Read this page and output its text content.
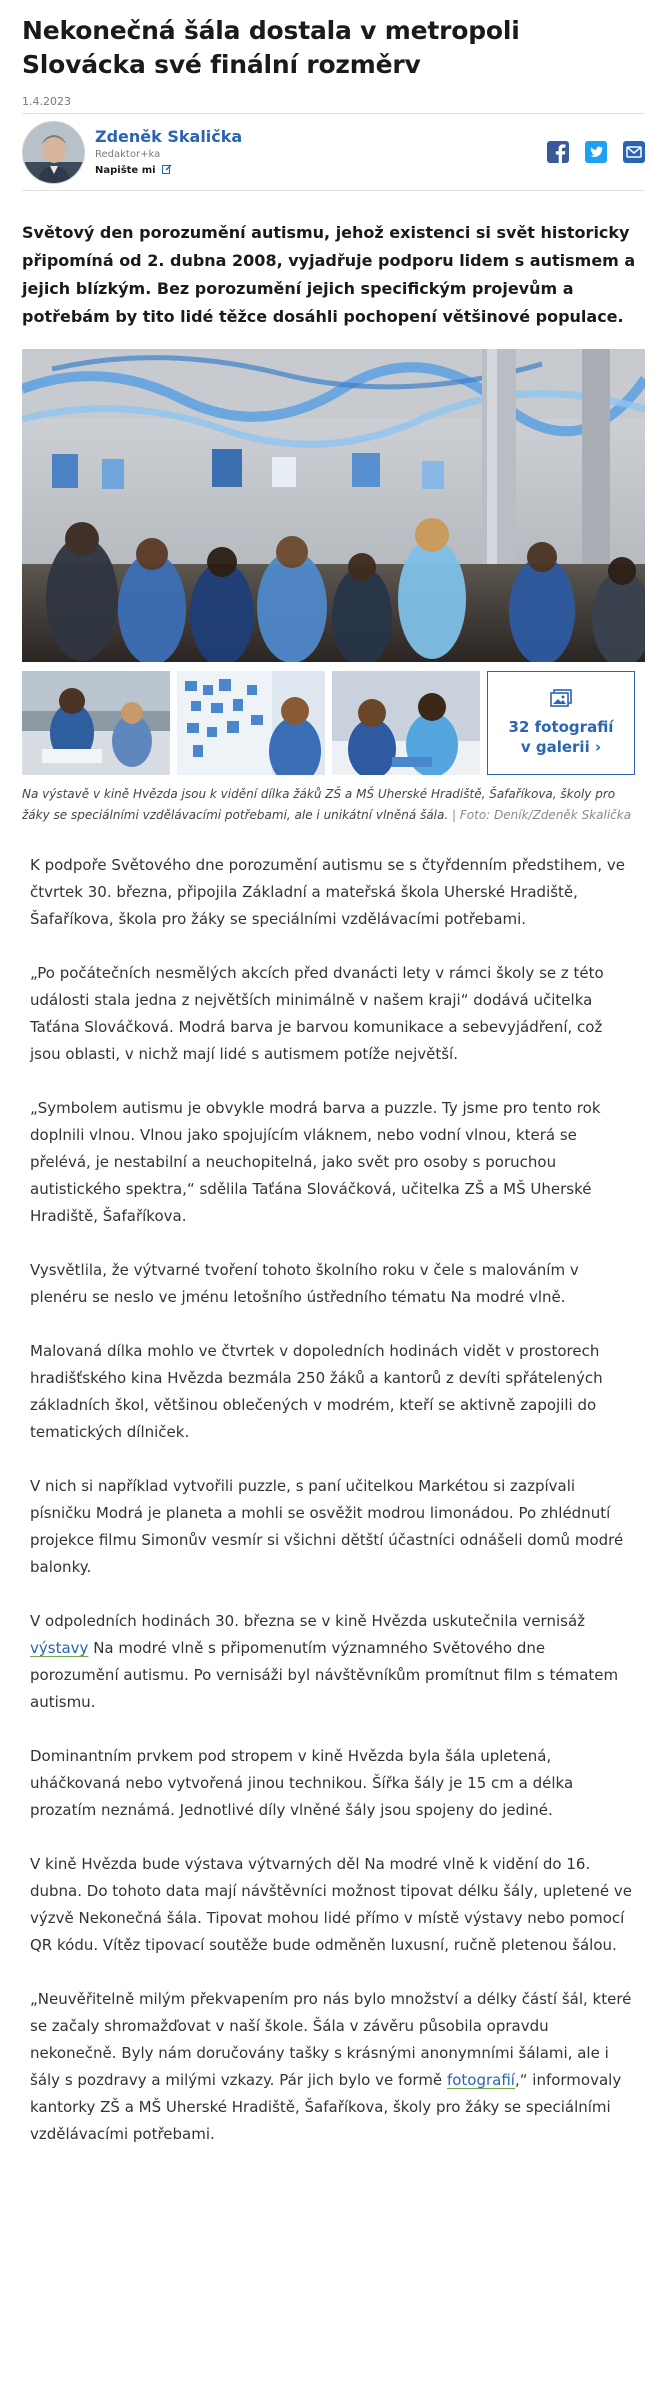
Nekonečná šála dostala v metropoli Slovácka své finální rozměrv
1.4.2023
Zdeněk Skalička
Redaktor+ka
Napište mi

Světový den porozumění autismu, jehož existenci si svět historicky připomíná od 2. dubna 2008, vyjadřuje podporu lidem s autismem a jejich blízkým. Bez porozumění jejich specifickým projevům a potřebám by tito lidé těžce dosáhli pochopení většinové populace.

32 fotografií
v galerii ›

Na výstavě v kině Hvězda jsou k vidění dílka žáků ZŠ a MŠ Uherské Hradiště, Šafaříkova, školy pro žáky se speciálními vzdělávacími potřebami, ale i unikátní vlněná šála. | Foto: Deník/Zdeněk Skalička

K podpoře Světového dne porozumění autismu se s čtyřdenním předstihem, ve čtvrtek 30. března, připojila Základní a mateřská škola Uherské Hradiště, Šafaříkova, škola pro žáky se speciálními vzdělávacími potřebami.

„Po počátečních nesmělých akcích před dvanácti lety v rámci školy se z této události stala jedna z největších minimálně v našem kraji“ dodává učitelka Taťána Slováčková. Modrá barva je barvou komunikace a sebevyjádření, což jsou oblasti, v nichž mají lidé s autismem potíže největší.

„Symbolem autismu je obvykle modrá barva a puzzle. Ty jsme pro tento rok doplnili vlnou. Vlnou jako spojujícím vláknem, nebo vodní vlnou, která se přelévá, je nestabilní a neuchopitelná, jako svět pro osoby s poruchou autistického spektra,“ sdělila Taťána Slováčková, učitelka ZŠ a MŠ Uherské Hradiště, Šafaříkova.

Vysvětlila, že výtvarné tvoření tohoto školního roku v čele s malováním v plenéru se neslo ve jménu letošního ústředního tématu Na modré vlně.

Malovaná dílka mohlo ve čtvrtek v dopoledních hodinách vidět v prostorech hradišťského kina Hvězda bezmála 250 žáků a kantorů z devíti spřátelených základních škol, většinou oblečených v modrém, kteří se aktivně zapojili do tematických dílniček.

V nich si například vytvořili puzzle, s paní učitelkou Markétou si zazpívali písničku Modrá je planeta a mohli se osvěžit modrou limonádou. Po zhlédnutí projekce filmu Simonův vesmír si všichni dětští účastníci odnášeli domů modré balonky.

V odpoledních hodinách 30. března se v kině Hvězda uskutečnila vernisáž výstavy Na modré vlně s připomenutím významného Světového dne porozumění autismu. Po vernisáži byl návštěvníkům promítnut film s tématem autismu.

Dominantním prvkem pod stropem v kině Hvězda byla šála upletená, uháčkovaná nebo vytvořená jinou technikou. Šířka šály je 15 cm a délka prozatím neznámá. Jednotlivé díly vlněné šály jsou spojeny do jediné.

V kině Hvězda bude výstava výtvarných děl Na modré vlně k vidění do 16. dubna. Do tohoto data mají návštěvníci možnost tipovat délku šály, upletené ve výzvě Nekonečná šála. Tipovat mohou lidé přímo v místě výstavy nebo pomocí QR kódu. Vítěz tipovací soutěže bude odměněn luxusní, ručně pletenou šálou.

„Neuvěřitelně milým překvapením pro nás bylo množství a délky částí šál, které se začaly shromažďovat v naší škole. Šála v závěru působila opravdu nekonečně. Byly nám doručovány tašky s krásnými anonymními šálami, ale i šály s pozdravy a milými vzkazy. Pár jich bylo ve formě fotografií,“ informovaly kantorky ZŠ a MŠ Uherské Hradiště, Šafaříkova, školy pro žáky se speciálními vzdělávacími potřebami.
